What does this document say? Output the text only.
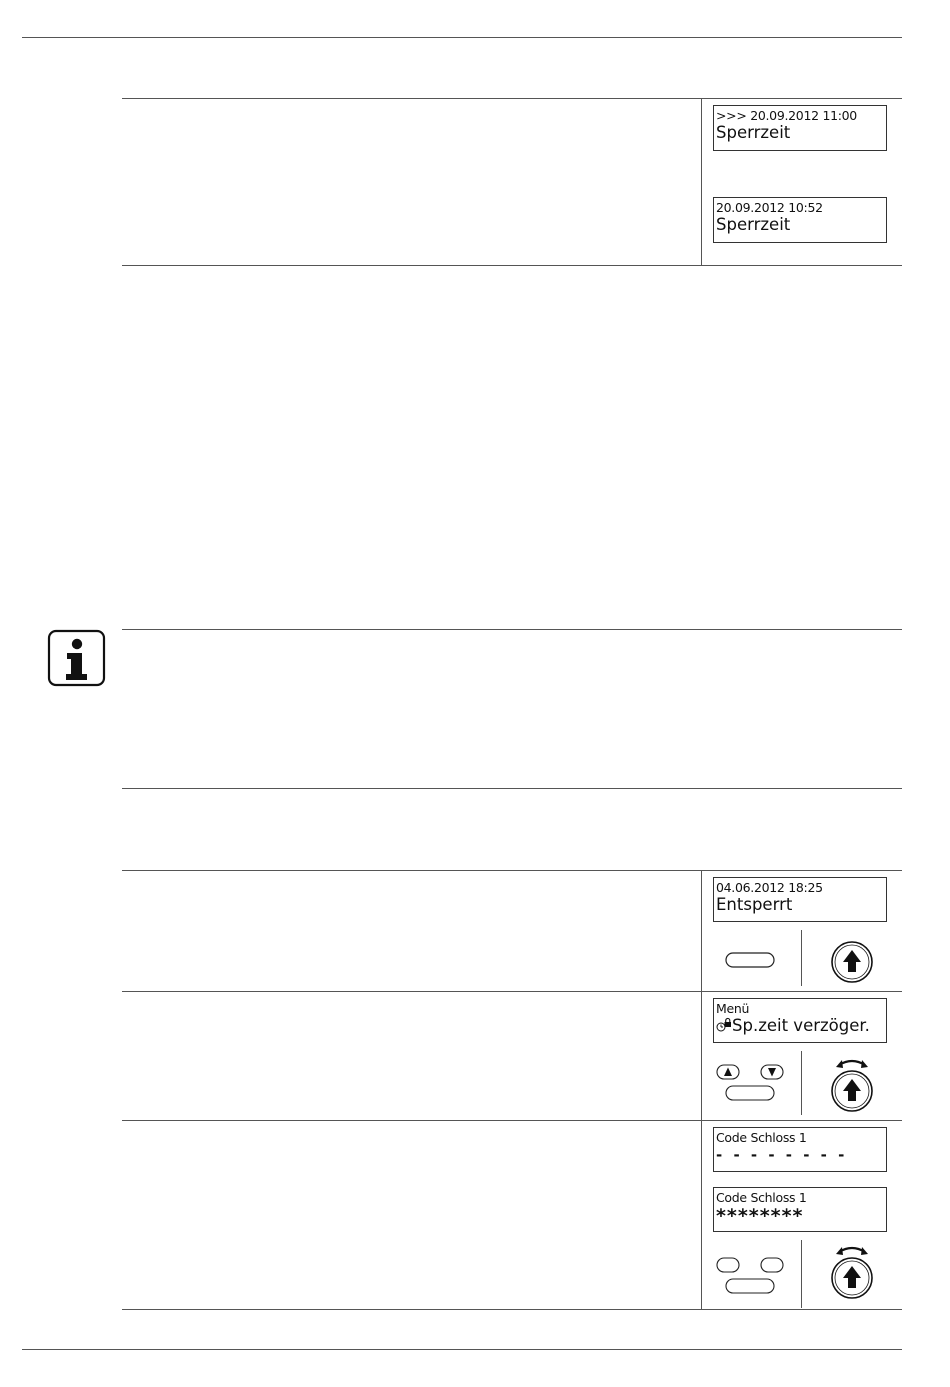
>>> 20.09.2012 11:00
Sperrzeit
20.09.2012 10:52
Sperrzeit
04.06.2012 18:25
Entsperrt
Menü
Sp.zeit verzöger.
Code Schloss 1
- - - - - - - -
Code Schloss 1
********
